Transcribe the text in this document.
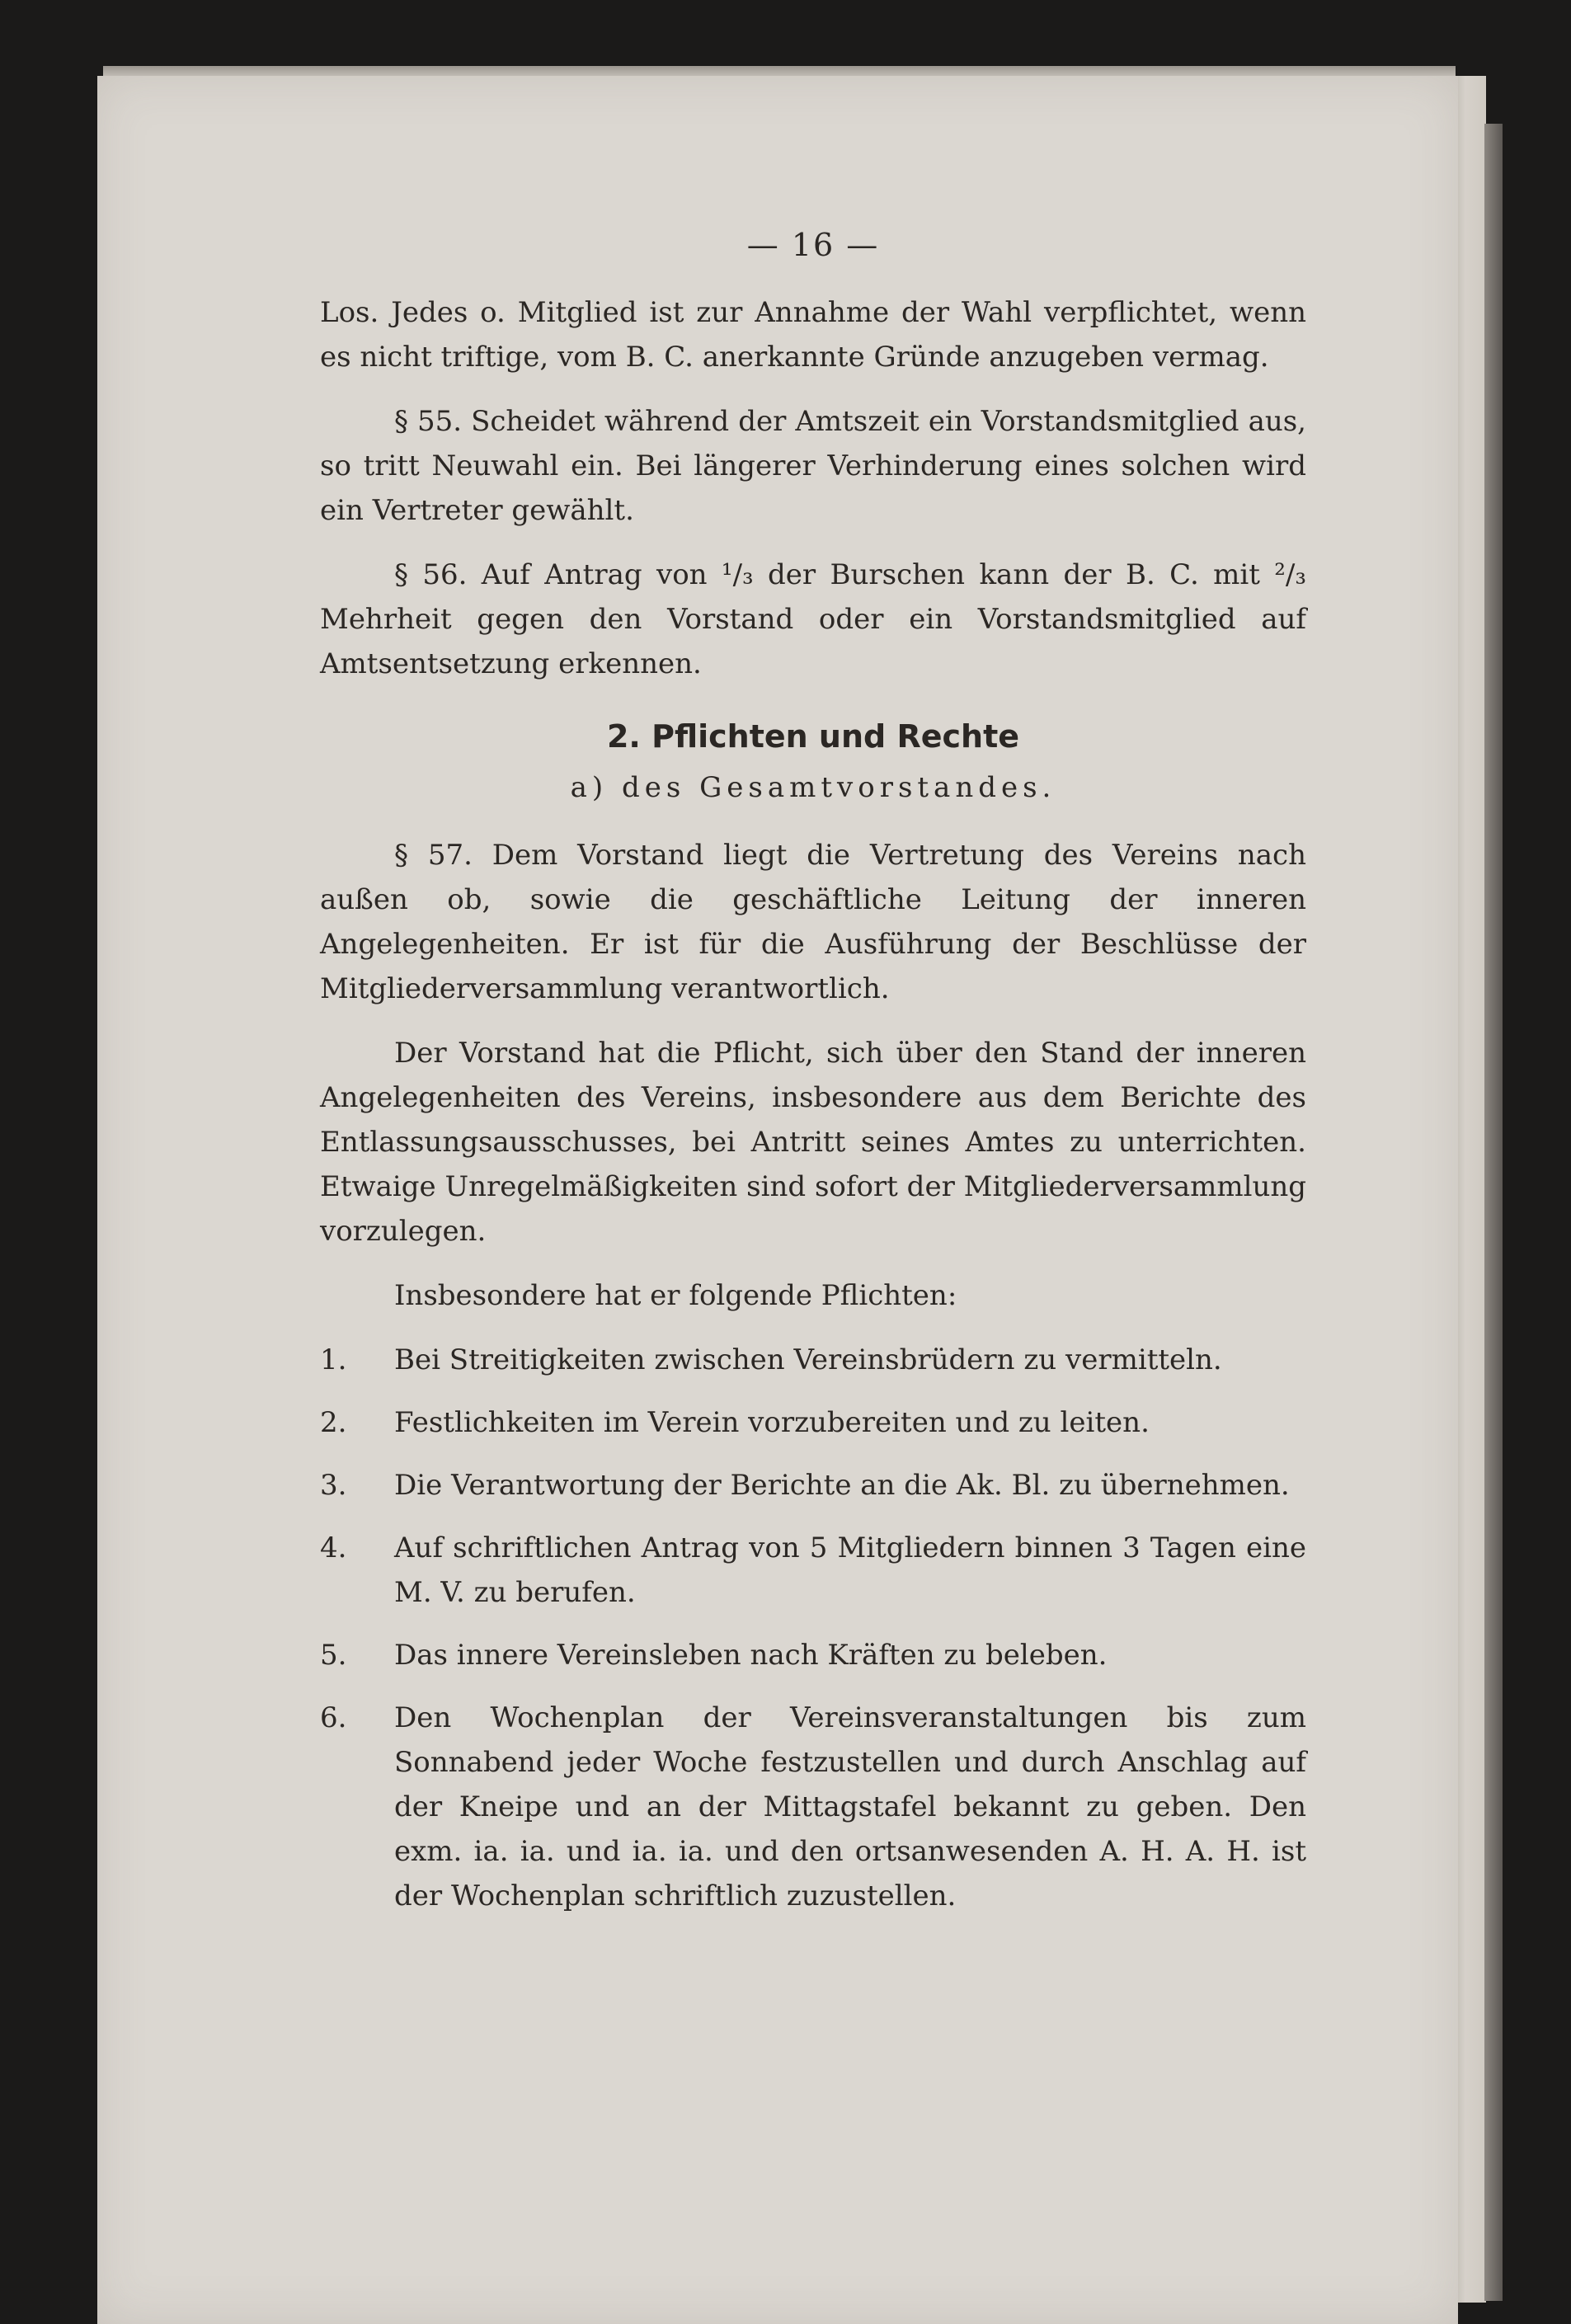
— 16 —

Los. Jedes o. Mitglied ist zur Annahme der Wahl verpflichtet, wenn es nicht triftige, vom B. C. anerkannte Gründe anzugeben vermag.

§ 55. Scheidet während der Amtszeit ein Vorstandsmitglied aus, so tritt Neuwahl ein. Bei längerer Verhinderung eines solchen wird ein Vertreter gewählt.

§ 56. Auf Antrag von ¹/₃ der Burschen kann der B. C. mit ²/₃ Mehrheit gegen den Vorstand oder ein Vorstandsmitglied auf Amtsentsetzung erkennen.

2. Pflichten und Rechte
a) des Gesamtvorstandes.

§ 57. Dem Vorstand liegt die Vertretung des Vereins nach außen ob, sowie die geschäftliche Leitung der inneren Angelegenheiten. Er ist für die Ausführung der Beschlüsse der Mitgliederversammlung verantwortlich.

Der Vorstand hat die Pflicht, sich über den Stand der inneren Angelegenheiten des Vereins, insbesondere aus dem Berichte des Entlassungsausschusses, bei Antritt seines Amtes zu unterrichten. Etwaige Unregelmäßigkeiten sind sofort der Mitgliederversammlung vorzulegen.

Insbesondere hat er folgende Pflichten:

1.	Bei Streitigkeiten zwischen Vereinsbrüdern zu vermitteln.
2.	Festlichkeiten im Verein vorzubereiten und zu leiten.
3.	Die Verantwortung der Berichte an die Ak. Bl. zu übernehmen.
4.	Auf schriftlichen Antrag von 5 Mitgliedern binnen 3 Tagen eine M. V. zu berufen.
5.	Das innere Vereinsleben nach Kräften zu beleben.
6.	Den Wochenplan der Vereinsveranstaltungen bis zum Sonnabend jeder Woche festzustellen und durch Anschlag auf der Kneipe und an der Mittagstafel bekannt zu geben. Den exm. ia. ia. und ia. ia. und den ortsanwesenden A. H. A. H. ist der Wochenplan schriftlich zuzustellen.
